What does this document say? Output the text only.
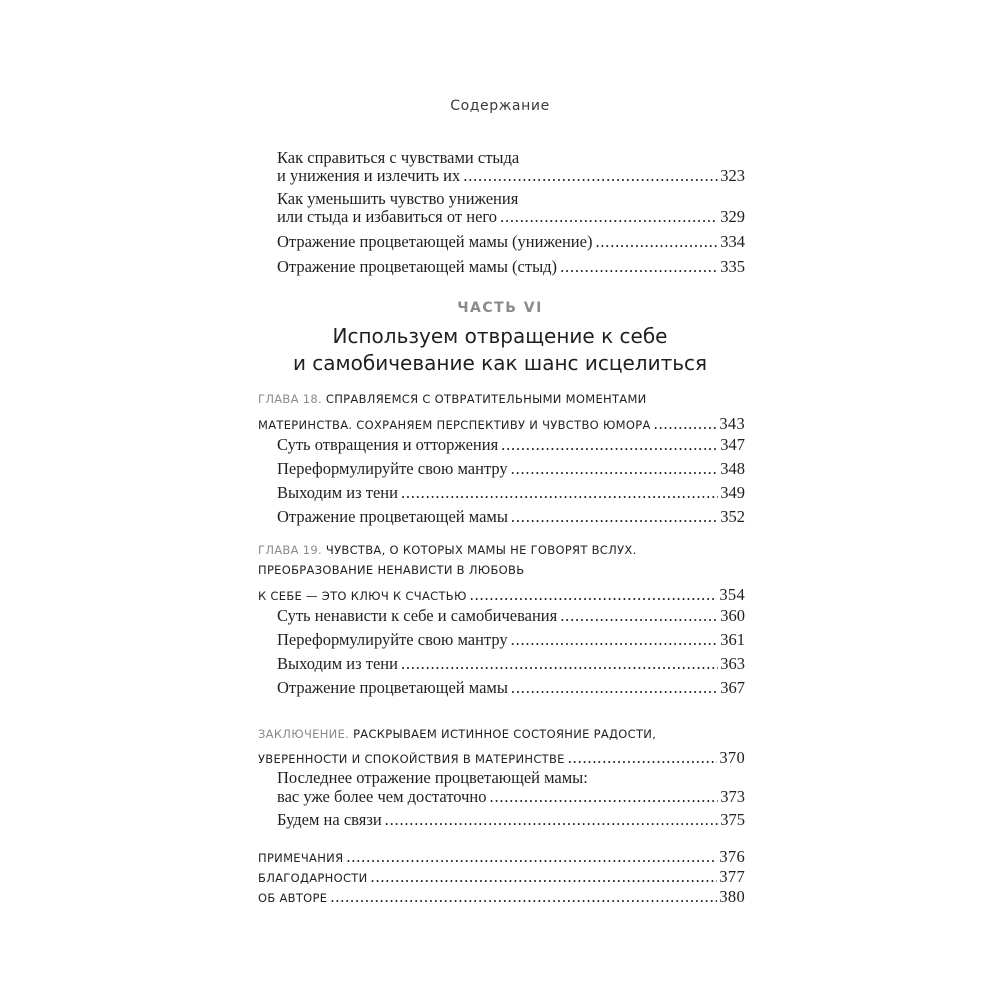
Содержание
Как справиться с чувствами стыда
и унижения и излечить их .....	323
Как уменьшить чувство унижения
или стыда и избавиться от него .....	329
Отражение процветающей мамы (унижение) .....	334
Отражение процветающей мамы (стыд) .....	335
ЧАСТЬ VI
Используем отвращение к себе
и самобичевание как шанс исцелиться
ГЛАВА 18. СПРАВЛЯЕМСЯ С ОТВРАТИТЕЛЬНЫМИ МОМЕНТАМИ
МАТЕРИНСТВА. СОХРАНЯЕМ ПЕРСПЕКТИВУ И ЧУВСТВО ЮМОРА .....	343
Суть отвращения и отторжения .....	347
Переформулируйте свою мантру .....	348
Выходим из тени .....	349
Отражение процветающей мамы .....	352
ГЛАВА 19. ЧУВСТВА, О КОТОРЫХ МАМЫ НЕ ГОВОРЯТ ВСЛУХ.
ПРЕОБРАЗОВАНИЕ НЕНАВИСТИ В ЛЮБОВЬ
К СЕБЕ — ЭТО КЛЮЧ К СЧАСТЬЮ .....	354
Суть ненависти к себе и самобичевания .....	360
Переформулируйте свою мантру .....	361
Выходим из тени .....	363
Отражение процветающей мамы .....	367
ЗАКЛЮЧЕНИЕ. РАСКРЫВАЕМ ИСТИННОЕ СОСТОЯНИЕ РАДОСТИ,
УВЕРЕННОСТИ И СПОКОЙСТВИЯ В МАТЕРИНСТВЕ .....	370
Последнее отражение процветающей мамы:
вас уже более чем достаточно .....	373
Будем на связи .....	375
ПРИМЕЧАНИЯ .....	376
БЛАГОДАРНОСТИ .....	377
ОБ АВТОРЕ .....	380
